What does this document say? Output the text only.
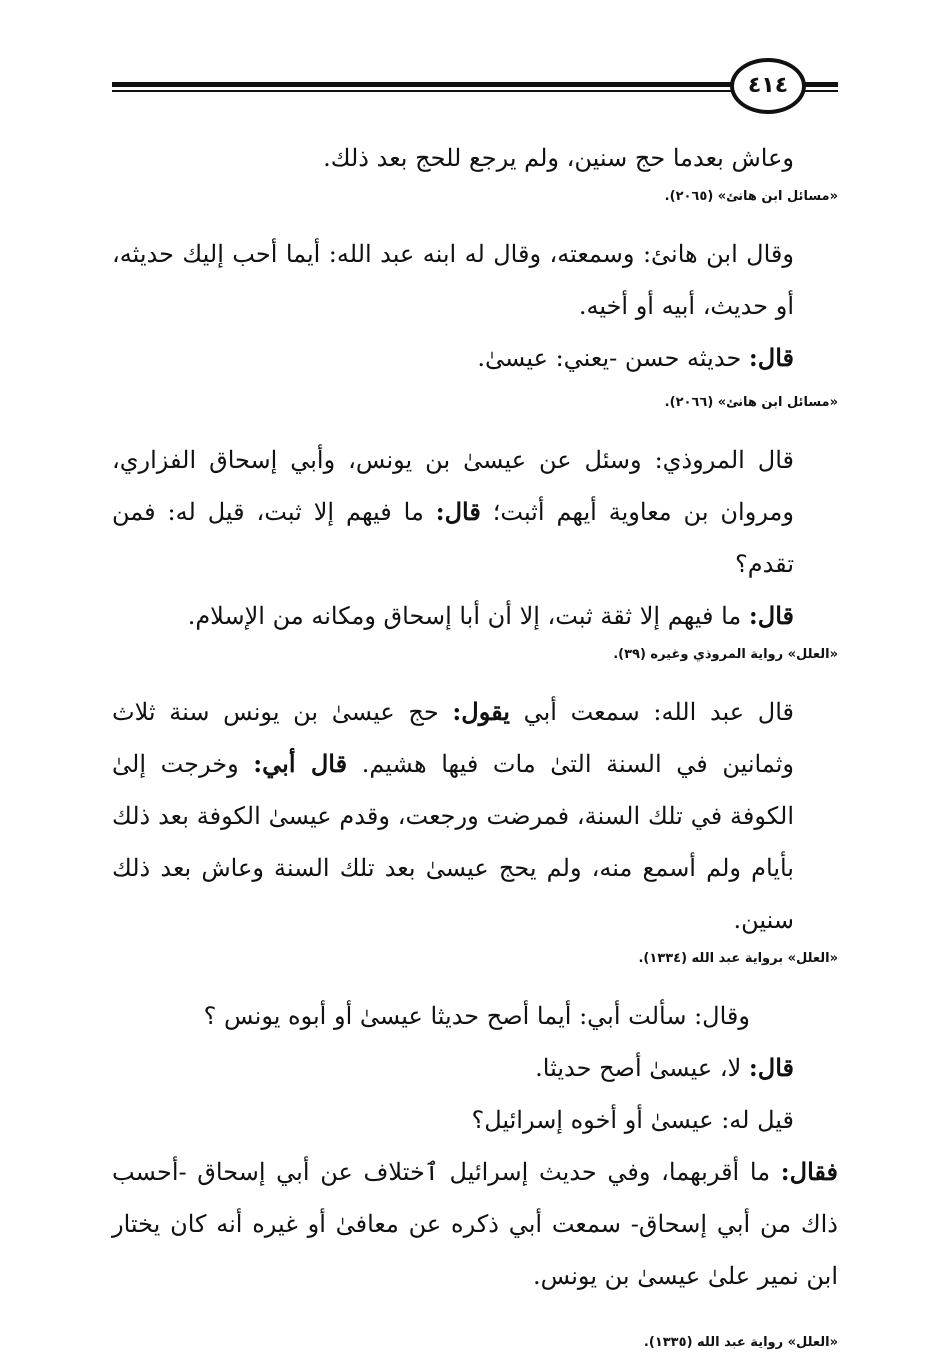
٤١٤

وعاش بعدما حج سنين، ولم يرجع للحج بعد ذلك.

«مسائل ابن هانئ» (٢٠٦٥).

وقال ابن هانئ: وسمعته، وقال له ابنه عبد الله: أيما أحب إليك حديثه، أو حديث، أبيه أو أخيه.

قال: حديثه حسن -يعني: عيسىٰ.

«مسائل ابن هانئ» (٢٠٦٦).

قال المروذي: وسئل عن عيسىٰ بن يونس، وأبي إسحاق الفزاري، ومروان بن معاوية أيهم أثبت؛ قال: ما فيهم إلا ثبت، قيل له: فمن تقدم؟

قال: ما فيهم إلا ثقة ثبت، إلا أن أبا إسحاق ومكانه من الإسلام.

«العلل» رواية المروذي وغيره (٣٩).

قال عبد الله: سمعت أبي يقول: حج عيسىٰ بن يونس سنة ثلاث وثمانين في السنة التىٰ مات فيها هشيم. قال أبي: وخرجت إلىٰ الكوفة في تلك السنة، فمرضت ورجعت، وقدم عيسىٰ الكوفة بعد ذلك بأيام ولم أسمع منه، ولم يحج عيسىٰ بعد تلك السنة وعاش بعد ذلك سنين.

«العلل» برواية عبد الله (١٣٣٤).

وقال: سألت أبي: أيما أصح حديثا عيسىٰ أو أبوه يونس ؟

قال: لا، عيسىٰ أصح حديثا.

قيل له: عيسىٰ أو أخوه إسرائيل؟

فقال: ما أقربهما، وفي حديث إسرائيل ٱختلاف عن أبي إسحاق -أحسب ذاك من أبي إسحاق- سمعت أبي ذكره عن معافىٰ أو غيره أنه كان يختار ابن نمير علىٰ عيسىٰ بن يونس.

«العلل» رواية عبد الله (١٣٣٥).
